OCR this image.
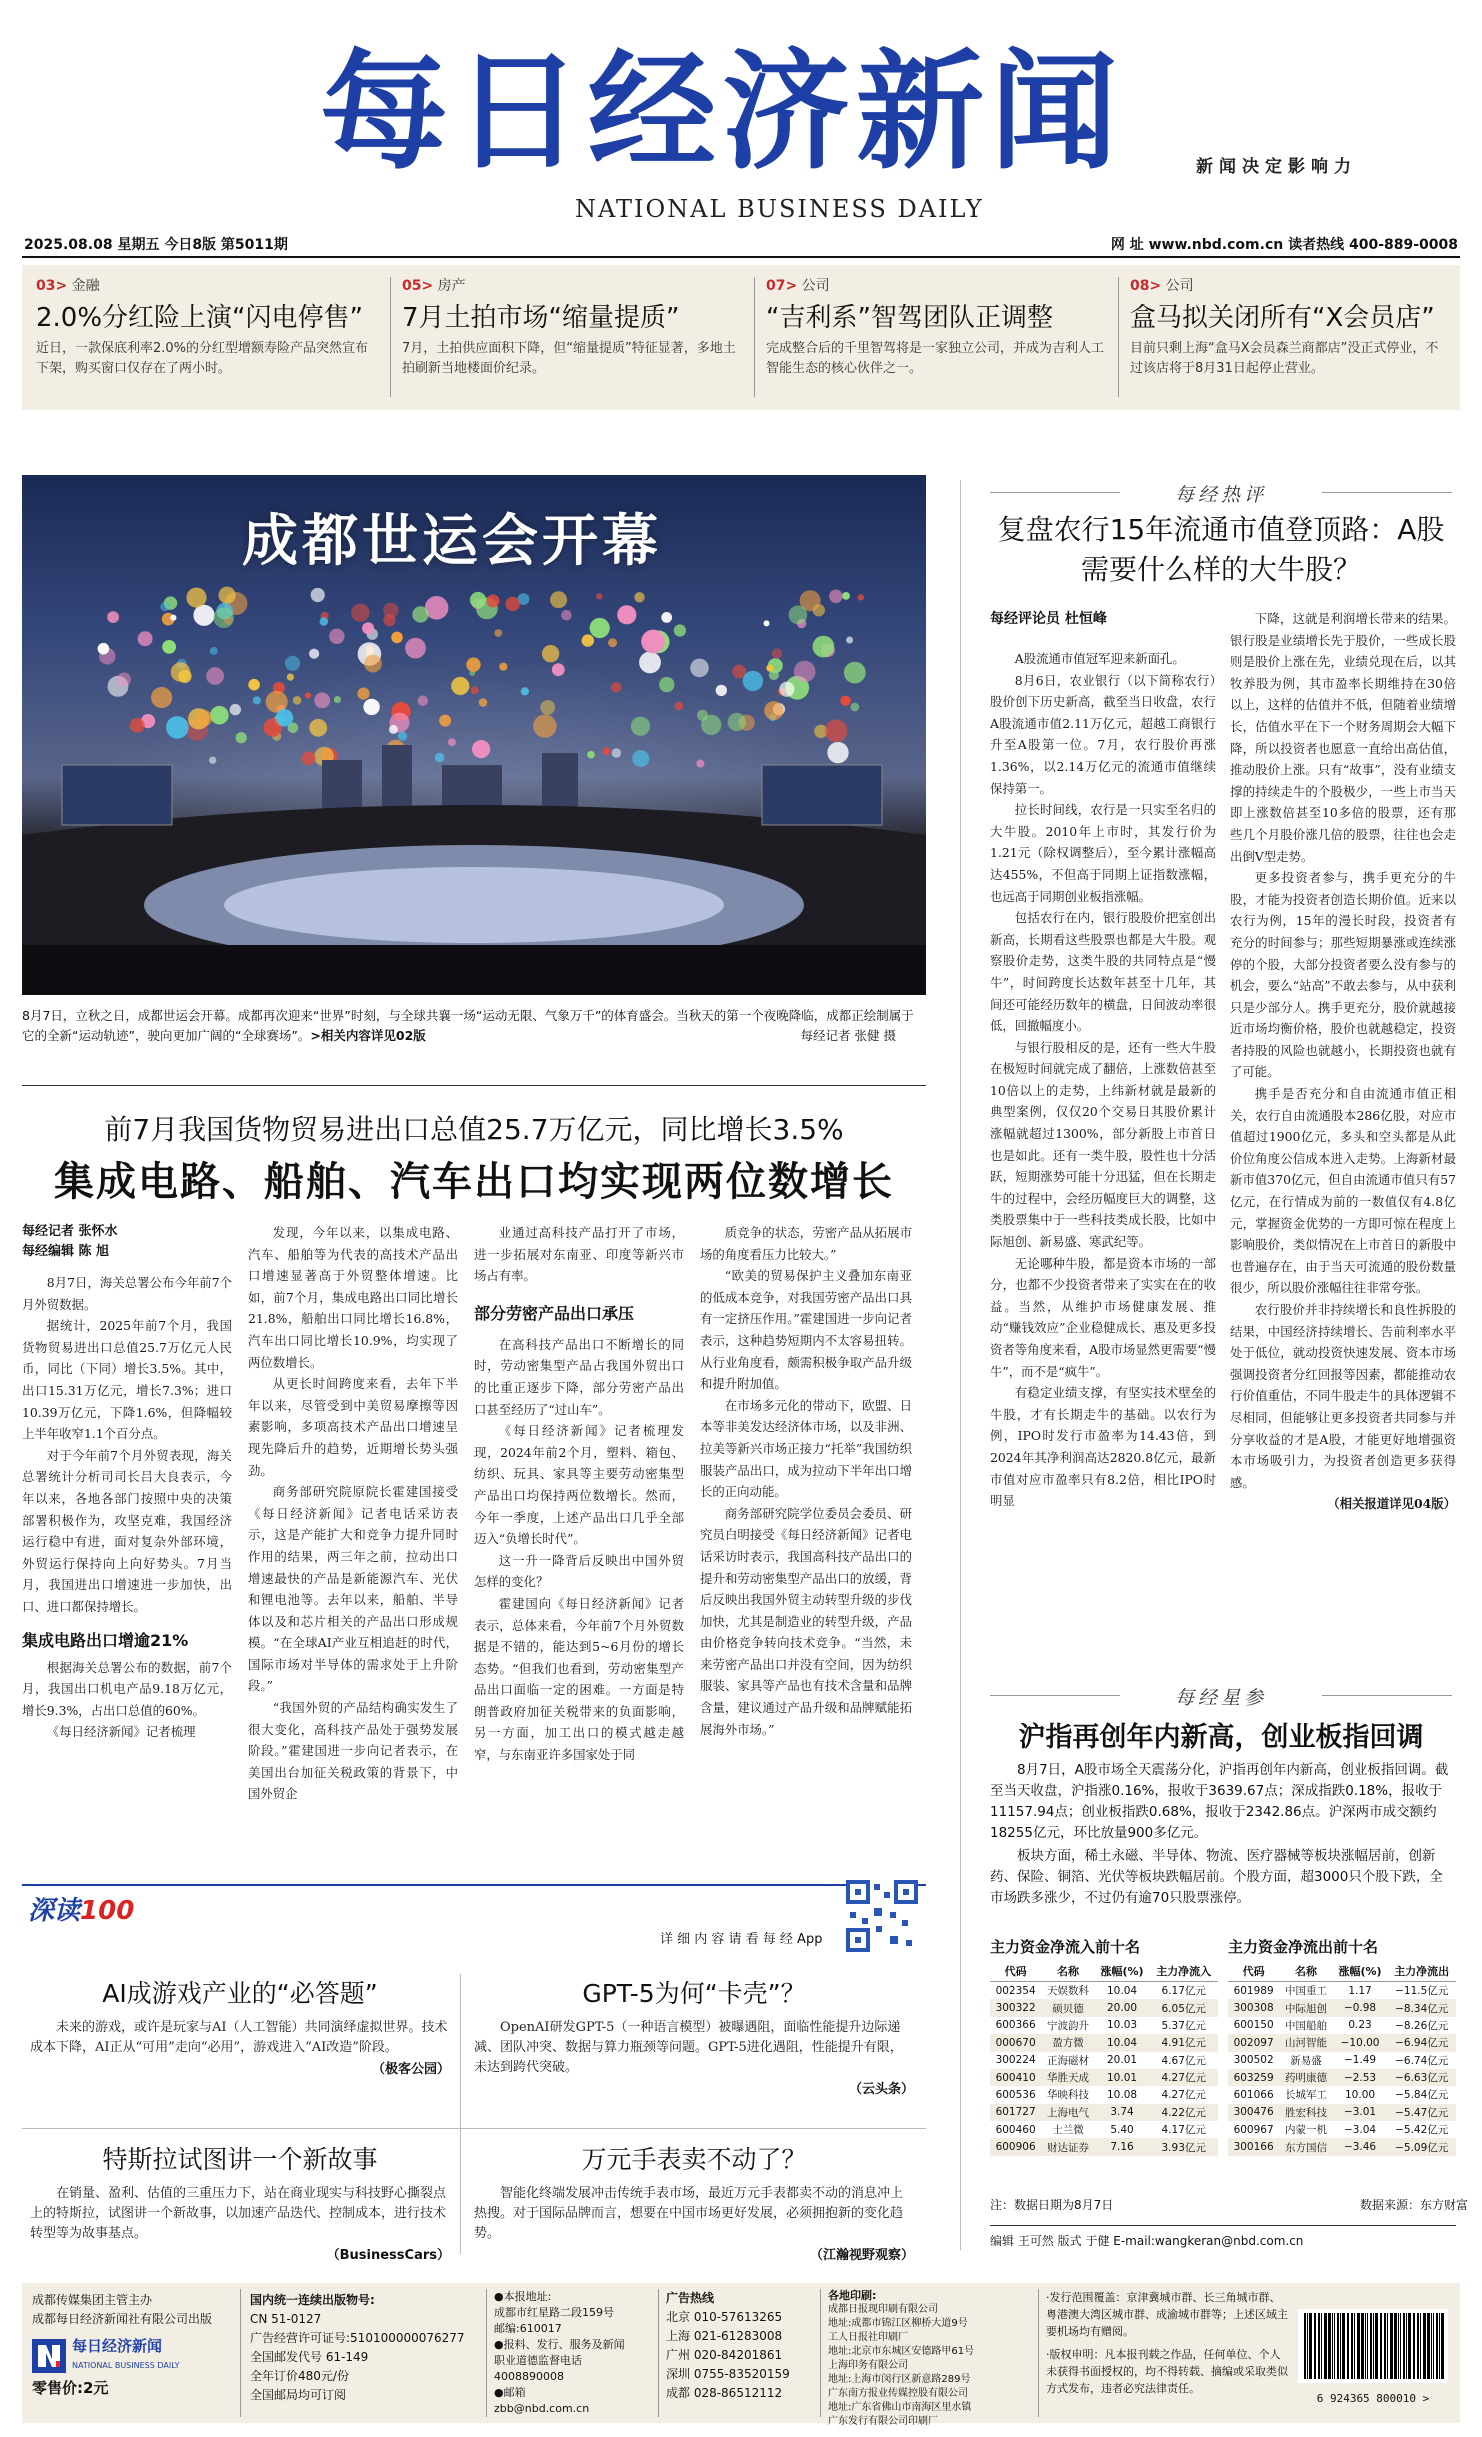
每日经济新闻
NATIONAL BUSINESS DAILY
新闻决定影响力
2025.08.08 星期五 今日8版 第5011期	网 址 www.nbd.com.cn 读者热线 400-889-0008
03> 金融
2.0%分红险上演“闪电停售”
近日，一款保底利率2.0%的分红型增额寿险产品突然宣布下架，购买窗口仅存在了两小时。
05> 房产
7月土拍市场“缩量提质”
7月，土拍供应面积下降，但“缩量提质”特征显著，多地土拍刷新当地楼面价纪录。
07> 公司
“吉利系”智驾团队正调整
完成整合后的千里智驾将是一家独立公司，并成为吉利人工智能生态的核心伙伴之一。
08> 公司
盒马拟关闭所有“X会员店”
目前只剩上海“盒马X会员森兰商都店”没正式停业，不过该店将于8月31日起停止营业。
成都世运会开幕
8月7日，立秋之日，成都世运会开幕。成都再次迎来“世界”时刻，与全球共襄一场“运动无限、气象万千”的体育盛会。当秋天的第一个夜晚降临，成都正绘制属于它的全新“运动轨迹”，驶向更加广阔的“全球赛场”。>相关内容详见02版	每经记者 张健 摄
每经热评
复盘农行15年流通市值登顶路：A股需要什么样的大牛股？
每经评论员 杜恒峰

A股流通市值冠军迎来新面孔。

8月6日，农业银行（以下简称农行）股价创下历史新高，截至当日收盘，农行A股流通市值2.11万亿元，超越工商银行升至A股第一位。7月，农行股价再涨1.36%，以2.14万亿元的流通市值继续保持第一。

拉长时间线，农行是一只实至名归的大牛股。2010年上市时，其发行价为1.21元（除权调整后），至今累计涨幅高达455%，不但高于同期上证指数涨幅，也远高于同期创业板指涨幅。

包括农行在内，银行股股价把室创出新高，长期看这些股票也都是大牛股。观察股价走势，这类牛股的共同特点是“慢牛”，时间跨度长达数年甚至十几年，其间还可能经历数年的横盘，日间波动率很低，回撤幅度小。

与银行股相反的是，还有一些大牛股在极短时间就完成了翻倍，上涨数倍甚至10倍以上的走势，上纬新材就是最新的典型案例，仅仅20个交易日其股价累计涨幅就超过1300%，部分新股上市首日也是如此。还有一类牛股，股性也十分活跃，短期涨势可能十分迅猛，但在长期走牛的过程中，会经历幅度巨大的调整，这类股票集中于一些科技类成长股，比如中际旭创、新易盛、寒武纪等。

无论哪种牛股，都是资本市场的一部分，也都不少投资者带来了实实在在的收益。当然，从维护市场健康发展、推动“赚钱效应”企业稳健成长、惠及更多投资者等角度来看，A股市场显然更需要“慢牛”，而不是“疯牛”。

有稳定业绩支撑，有坚实技术壁垒的牛股，才有长期走牛的基础。以农行为例，IPO时发行市盈率为14.43倍，到2024年其净利润高达2820.8亿元，最新市值对应市盈率只有8.2倍，相比IPO时明显

下降，这就是利润增长带来的结果。银行股是业绩增长先于股价，一些成长股则是股价上涨在先，业绩兑现在后，以其牧养股为例，其市盈率长期维持在30倍以上，这样的估值并不低，但随着业绩增长，估值水平在下一个财务周期会大幅下降，所以投资者也愿意一直给出高估值，推动股价上涨。只有“故事”，没有业绩支撑的持续走牛的个股极少，一些上市当天即上涨数倍甚至10多倍的股票，还有那些几个月股价涨几倍的股票，往往也会走出倒V型走势。

更多投资者参与，携手更充分的牛股，才能为投资者创造长期价值。近来以农行为例，15年的漫长时段，投资者有充分的时间参与；那些短期暴涨或连续涨停的个股，大部分投资者要么没有参与的机会，要么“站高”不敢去参与，从中获利只是少部分人。携手更充分，股价就越接近市场均衡价格，股价也就越稳定，投资者持股的风险也就越小，长期投资也就有了可能。

携手是否充分和自由流通市值正相关，农行自由流通股本286亿股，对应市值超过1900亿元，多头和空头都是从此价位角度公信成本进入走势。上海新材最新市值370亿元，但自由流通市值只有57亿元，在行情成为前的一数值仅有4.8亿元，掌握资金优势的一方即可惊在程度上影响股价，类似情况在上市首日的新股中也普遍存在，由于当天可流通的股份数量很少，所以股价涨幅往往非常夸张。

农行股价并非持续增长和良性拆股的结果，中国经济持续增长、告前利率水平处于低位，就动投资快速发展、资本市场强调投资者分红回报等因素，都能推动农行价值重估，不同牛股走牛的具体逻辑不尽相同，但能够让更多投资者共同参与并分享收益的才是A股，才能更好地增强资本市场吸引力，为投资者创造更多获得感。

（相关报道详见04版）
前7月我国货物贸易进出口总值25.7万亿元，同比增长3.5%
集成电路、船舶、汽车出口均实现两位数增长
每经记者 张怀水
每经编辑 陈 旭

8月7日，海关总署公布今年前7个月外贸数据。

据统计，2025年前7个月，我国货物贸易进出口总值25.7万亿元人民币，同比（下同）增长3.5%。其中，出口15.31万亿元，增长7.3%；进口10.39万亿元，下降1.6%，但降幅较上半年收窄1.1个百分点。

对于今年前7个月外贸表现，海关总署统计分析司司长吕大良表示，今年以来，各地各部门按照中央的决策部署积极作为，攻坚克难，我国经济运行稳中有进，面对复杂外部环境，外贸运行保持向上向好势头。7月当月，我国进出口增速进一步加快，出口、进口都保持增长。

集成电路出口增逾21%

根据海关总署公布的数据，前7个月，我国出口机电产品9.18万亿元，增长9.3%，占出口总值的60%。

《每日经济新闻》记者梳理

发现，今年以来，以集成电路、汽车、船舶等为代表的高技术产品出口增速显著高于外贸整体增速。比如，前7个月，集成电路出口同比增长21.8%，船舶出口同比增长16.8%，汽车出口同比增长10.9%，均实现了两位数增长。

从更长时间跨度来看，去年下半年以来，尽管受到中美贸易摩擦等因素影响，多项高技术产品出口增速呈现先降后升的趋势，近期增长势头强劲。

商务部研究院原院长霍建国接受《每日经济新闻》记者电话采访表示，这是产能扩大和竞争力提升同时作用的结果，两三年之前，拉动出口增速最快的产品是新能源汽车、光伏和锂电池等。去年以来，船舶、半导体以及和芯片相关的产品出口形成规模。“在全球AI产业互相追赶的时代，国际市场对半导体的需求处于上升阶段。”

“我国外贸的产品结构确实发生了很大变化，高科技产品处于强势发展阶段。”霍建国进一步向记者表示，在美国出台加征关税政策的背景下，中国外贸企

业通过高科技产品打开了市场，进一步拓展对东南亚、印度等新兴市场占有率。

部分劳密产品出口承压

在高科技产品出口不断增长的同时，劳动密集型产品占我国外贸出口的比重正逐步下降，部分劳密产品出口甚至经历了“过山车”。

《每日经济新闻》记者梳理发现，2024年前2个月，塑料、箱包、纺织、玩具、家具等主要劳动密集型产品出口均保持两位数增长。然而，今年一季度，上述产品出口几乎全部迈入“负增长时代”。

这一升一降背后反映出中国外贸怎样的变化？

霍建国向《每日经济新闻》记者表示，总体来看，今年前7个月外贸数据是不错的，能达到5~6月份的增长态势。“但我们也看到，劳动密集型产品出口面临一定的困难。一方面是特朗普政府加征关税带来的负面影响，另一方面，加工出口的模式越走越窄，与东南亚许多国家处于同

质竞争的状态，劳密产品从拓展市场的角度看压力比较大。”

“欧美的贸易保护主义叠加东南亚的低成本竞争，对我国劳密产品出口具有一定挤压作用。”霍建国进一步向记者表示，这种趋势短期内不太容易扭转。从行业角度看，颇需积极争取产品升级和提升附加值。

在市场多元化的带动下，欧盟、日本等非美发达经济体市场，以及非洲、拉美等新兴市场正接力“托举”我国纺织服装产品出口，成为拉动下半年出口增长的正向动能。

商务部研究院学位委员会委员、研究员白明接受《每日经济新闻》记者电话采访时表示，我国高科技产品出口的提升和劳动密集型产品出口的放缓，背后反映出我国外贸主动转型升级的步伐加快，尤其是制造业的转型升级，产品由价格竞争转向技术竞争。“当然，未来劳密产品出口并没有空间，因为纺织服装、家具等产品也有技术含量和品牌含量，建议通过产品升级和品牌赋能拓展海外市场。”

每经星参
沪指再创年内新高，创业板指回调
8月7日，A股市场全天震荡分化，沪指再创年内新高，创业板指回调。截至当天收盘，沪指涨0.16%，报收于3639.67点；深成指跌0.18%，报收于11157.94点；创业板指跌0.68%，报收于2342.86点。沪深两市成交额约18255亿元，环比放量900多亿元。
板块方面，稀土永磁、半导体、物流、医疗器械等板块涨幅居前，创新药、保险、铜箔、光伏等板块跌幅居前。个股方面，超3000只个股下跌，全市场跌多涨少，不过仍有逾70只股票涨停。
主力资金净流入前十名
代码	名称	涨幅(%)	主力净流入
002354	天娱数科	10.04	6.17亿元
300322	硕贝德	20.00	6.05亿元
600366	宁波韵升	10.03	5.37亿元
000670	盈方微	10.04	4.91亿元
300224	正海磁材	20.01	4.67亿元
600410	华胜天成	10.01	4.27亿元
600536	华映科技	10.08	4.27亿元
601727	上海电气	3.74	4.22亿元
600460	士兰微	5.40	4.17亿元
600906	财达证券	7.16	3.93亿元
主力资金净流出前十名
代码	名称	涨幅(%)	主力净流出
601989	中国重工	1.17	−11.5亿元
300308	中际旭创	−0.98	−8.34亿元
600150	中国船舶	0.23	−8.26亿元
002097	山河智能	−10.00	−6.94亿元
300502	新易盛	−1.49	−6.74亿元
603259	药明康德	−2.53	−6.63亿元
601066	长城军工	10.00	−5.84亿元
300476	胜宏科技	−3.01	−5.47亿元
600967	内蒙一机	−3.04	−5.42亿元
300166	东方国信	−3.46	−5.09亿元
注：数据日期为8月7日	数据来源：东方财富
编辑 王可然 版式 于健 E-mail:wangkeran@nbd.com.cn
深读100
详 细 内 容 请 看 每 经 App
AI成游戏产业的“必答题”
未来的游戏，或许是玩家与AI（人工智能）共同演绎虚拟世界。技术成本下降，AI正从“可用”走向“必用”，游戏进入“AI改造”阶段。
（极客公园）
GPT-5为何“卡壳”？
OpenAI研发GPT-5（一种语言模型）被曝遇阻，面临性能提升边际递减、团队冲突、数据与算力瓶颈等问题。GPT-5进化遇阻，性能提升有限，未达到跨代突破。
（云头条）
特斯拉试图讲一个新故事
在销量、盈利、估值的三重压力下，站在商业现实与科技野心撕裂点上的特斯拉，试图讲一个新故事，以加速产品迭代、控制成本，进行技术转型等为故事基点。
（BusinessCars）
万元手表卖不动了？
智能化终端发展冲击传统手表市场，最近万元手表都卖不动的消息冲上热搜。对于国际品牌而言，想要在中国市场更好发展，必须拥抱新的变化趋势。
（江瀚视野观察）
成都传媒集团主管主办
成都每日经济新闻社有限公司出版
每日经济新闻
NATIONAL BUSINESS DAILY
零售价:2元
国内统一连续出版物号:
CN 51-0127
广告经营许可证号:510100000076277
全国邮发代号 61-149
全年订价480元/份
全国邮局均可订阅
●本报地址:
成都市红星路二段159号
邮编:610017
●报料、发行、服务及新闻
职业道德监督电话
4008890008
●邮箱
zbb@nbd.com.cn
广告热线
北京 010-57613265
上海 021-61283008
广州 020-84201861
深圳 0755-83520159
成都 028-86512112
各地印刷:
成都日报现印刷有限公司
地址:成都市锦江区柳桥大道9号
工人日报社印刷厂
地址:北京市东城区安德路甲61号
上海印务有限公司
地址:上海市闵行区新意路289号
广东南方报业传媒控股有限公司
地址:广东省佛山市南海区里水镇
广东发行有限公司印刷厂
·发行范围覆盖：京津冀城市群、长三角城市群、粤港澳大湾区城市群、成渝城市群等；上述区域主要机场均有赠阅。
·版权申明：凡本报刊载之作品，任何单位、个人未获得书面授权的，均不得转载、摘编或采取类似方式发布，违者必究法律责任。
6 924365 800010 >
